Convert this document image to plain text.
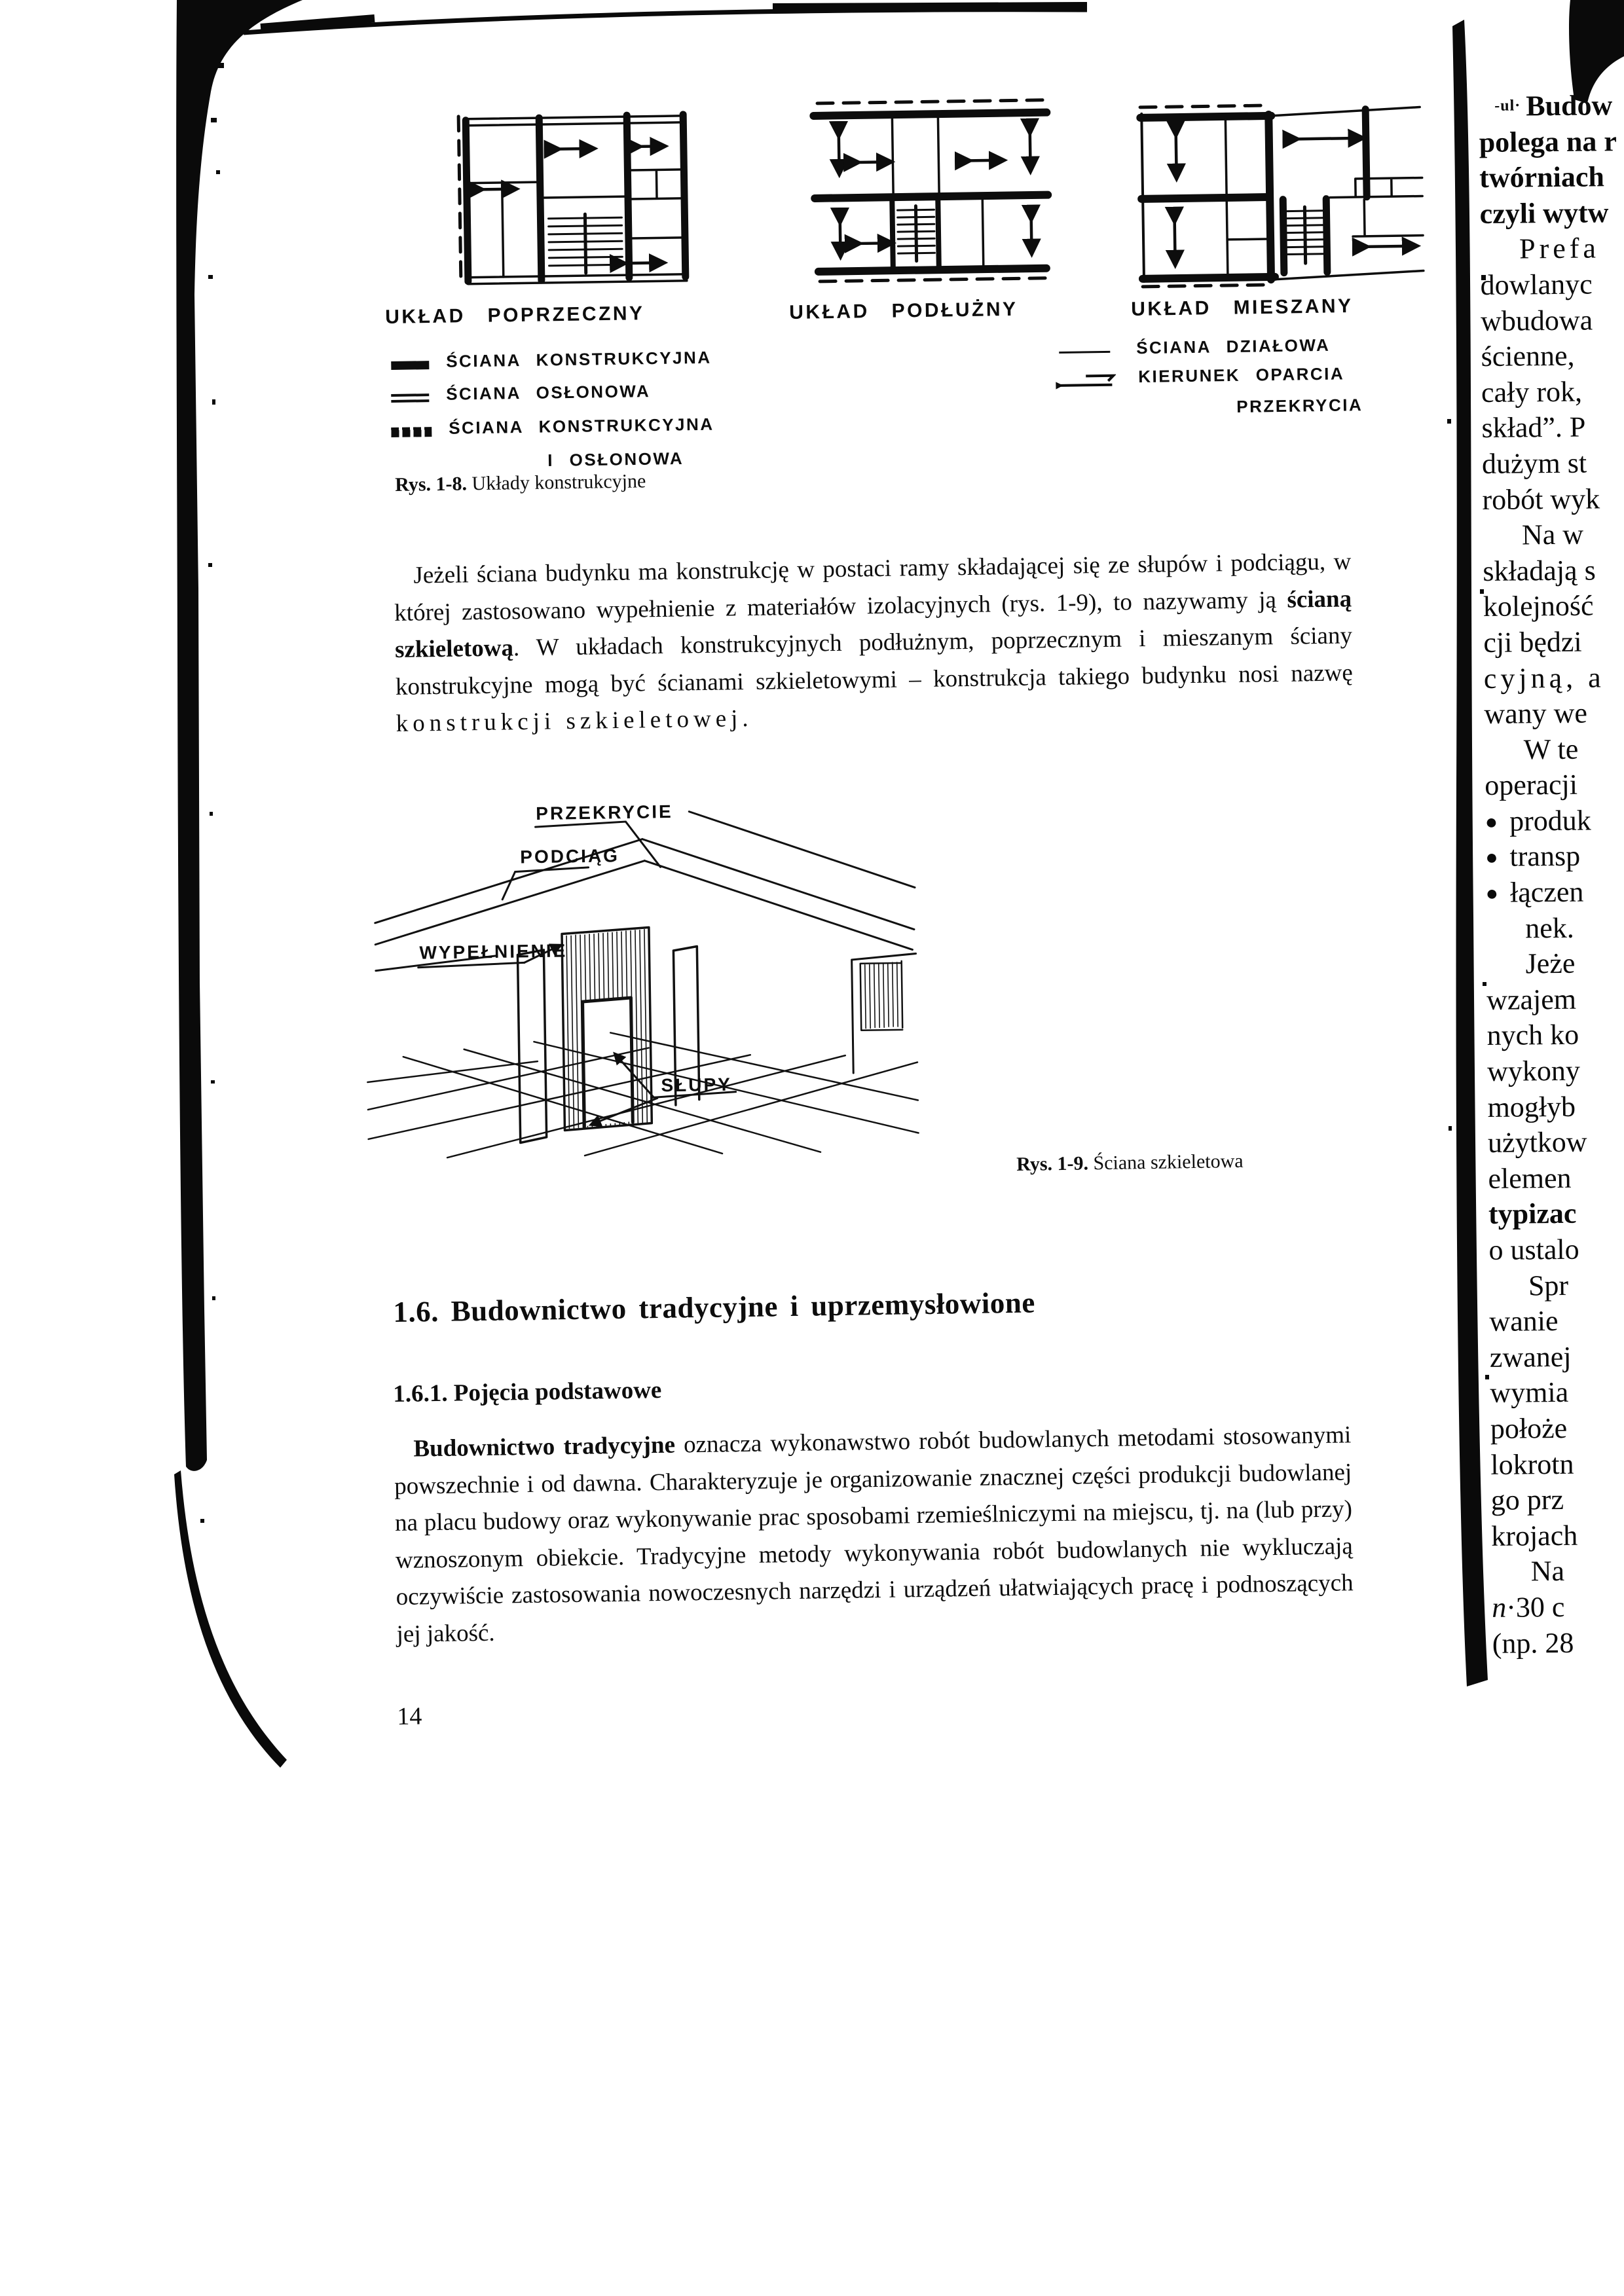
UKŁAD POPRZECZNY	UKŁAD PODŁUŻNY	UKŁAD MIESZANY
ŚCIANA KONSTRUKCYJNA
ŚCIANA OSŁONOWA
ŚCIANA KONSTRUKCYJNA
I OSŁONOWA
ŚCIANA DZIAŁOWA
KIERUNEK OPARCIA
PRZEKRYCIA
Rys. 1-8. Układy konstrukcyjne
Jeżeli ściana budynku ma konstrukcję w postaci ramy składającej się ze słupów i podciągu, w której zastosowano wypełnienie z materiałów izolacyjnych (rys. 1-9), to nazywamy ją ścianą szkieletową. W układach konstrukcyjnych podłużnym, poprzecznym i mieszanym ściany konstrukcyjne mogą być ścianami szkieletowymi – konstrukcja takiego budynku nosi nazwę konstrukcji szkieletowej.
PRZEKRYCIE
PODCIĄG
WYPEŁNIENIE
SŁUPY
Rys. 1-9. Ściana szkieletowa
1.6. Budownictwo tradycyjne i uprzemysłowione
1.6.1. Pojęcia podstawowe
Budownictwo tradycyjne oznacza wykonawstwo robót budowlanych metodami stosowanymi powszechnie i od dawna. Charakteryzuje je organizowanie znacznej części produkcji budowlanej na placu budowy oraz wykonywanie prac sposobami rzemieślniczymi na miejscu, tj. na (lub przy) wznoszonym obiekcie. Tradycyjne metody wykonywania robót budowlanych nie wykluczają oczywiście zastosowania nowoczesnych narzędzi i urządzeń ułatwiających pracę i podnoszących jej jakość.
14
-ul· Budow
polega na r
twórniach
czyli wytw
Prefa
dowlanyc
wbudowa
ścienne,
cały rok,
skład”. P
dużym st
robót wyk
Na w
składają s
kolejność
cji będzi
cyjną, a
wany we
W te
operacji
● produk
● transp
● łączen
nek.
Jeże
wzajem
nych ko
wykony
mogłyb
użytkow
elemen
typizac
o ustalo
Spr
wanie
zwanej
wymia
położe
lokrotn
go prz
krojach
Na
n·30 c
(np. 28
